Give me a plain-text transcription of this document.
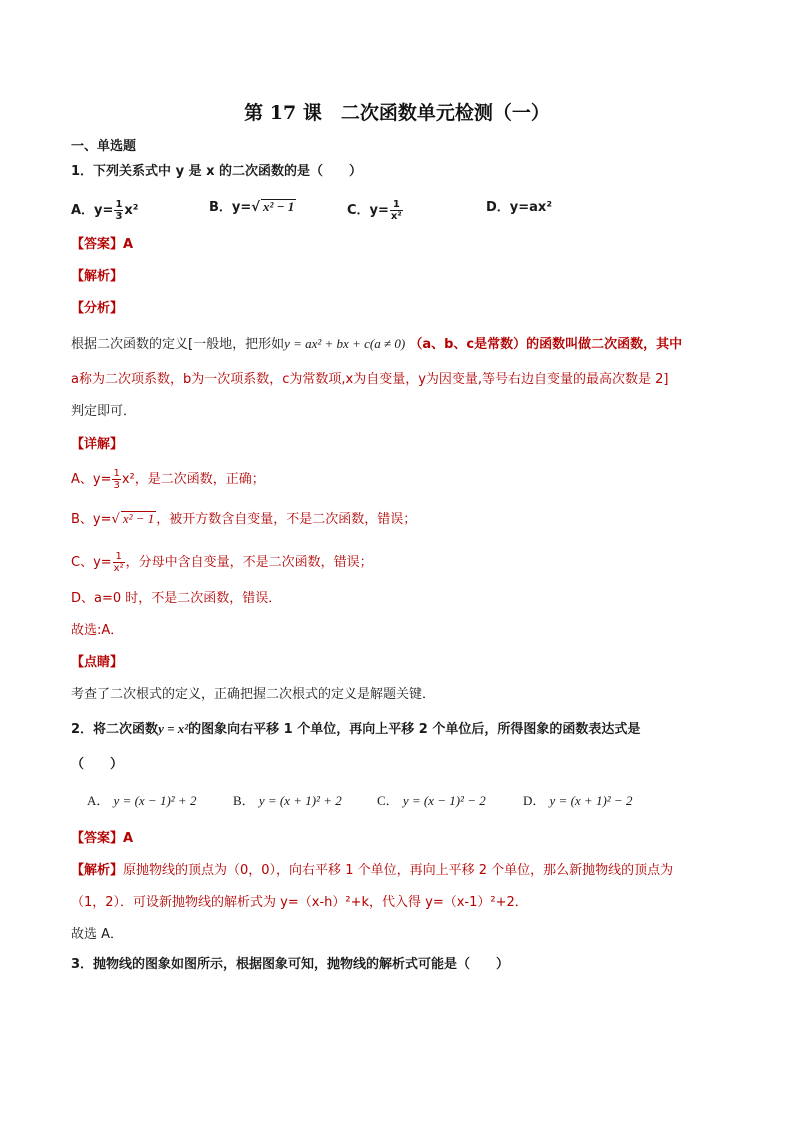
第 17 课　二次函数单元检测（一）
一、单选题
1．下列关系式中 y 是 x 的二次函数的是（　　）
A．$y= \frac{1}{3} x^2$	B．y=√ x² − 1	C．$y= \frac{1}{\text{x²}}$	D．y=ax²
【答案】A
【解析】
【分析】
根据二次函数的定义[一般地，把形如y = ax² + bx + c(a ≠ 0) （a、b、c是常数）的函数叫做二次函数，其中
a称为二次项系数，b为一次项系数，c为常数项,x为自变量，y为因变量,等号右边自变量的最高次数是 2]
判定即可．
【详解】
A、$y= \frac{1}{3} x^2$，是二次函数，正确；
B、y=√ x² − 1 ，被开方数含自变量，不是二次函数，错误；
C、$y= \frac{1}{\text{x²}}$ ，分母中含自变量，不是二次函数，错误；
D、a=0 时，不是二次函数，错误．
故选:A．
【点睛】
考查了二次根式的定义，正确把握二次根式的定义是解题关键．
2．将二次函数y = x²的图象向右平移 1 个单位，再向上平移 2 个单位后，所得图象的函数表达式是
（　　）
A． y = (x − 1)² + 2	B． y = (x + 1)² + 2	C． y = (x − 1)² − 2	D． y = (x + 1)² − 2
【答案】A
【解析】原抛物线的顶点为（0，0），向右平移 1 个单位，再向上平移 2 个单位，那么新抛物线的顶点为
（1，2）．可设新抛物线的解析式为 y=（x-h）²+k，代入得 y=（x-1）²+2．
故选 A．
3．抛物线的图象如图所示，根据图象可知，抛物线的解析式可能是（　　）
